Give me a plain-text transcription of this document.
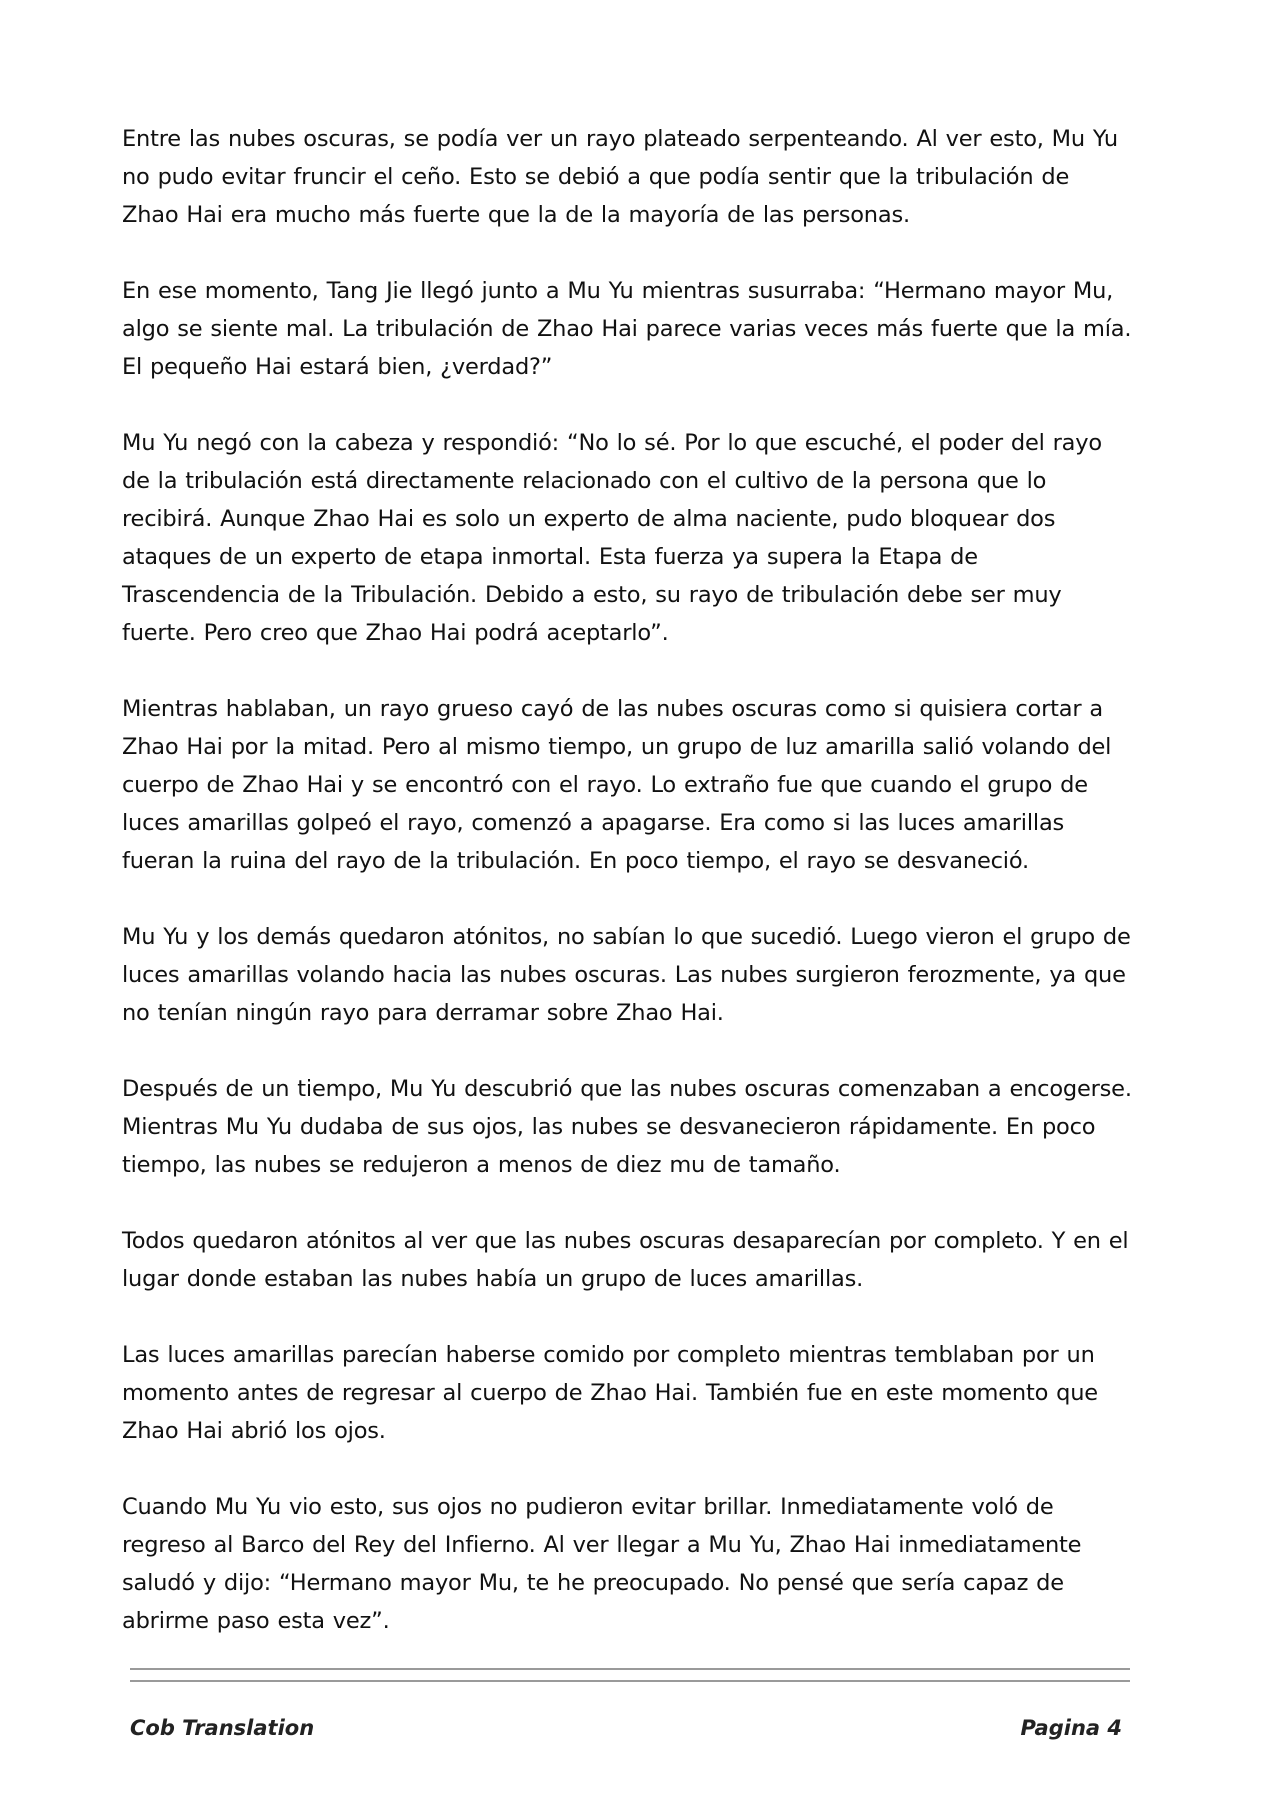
Entre las nubes oscuras, se podía ver un rayo plateado serpenteando. Al ver esto, Mu Yu no pudo evitar fruncir el ceño. Esto se debió a que podía sentir que la tribulación de Zhao Hai era mucho más fuerte que la de la mayoría de las personas.

En ese momento, Tang Jie llegó junto a Mu Yu mientras susurraba: “Hermano mayor Mu, algo se siente mal. La tribulación de Zhao Hai parece varias veces más fuerte que la mía. El pequeño Hai estará bien, ¿verdad?”

Mu Yu negó con la cabeza y respondió: “No lo sé. Por lo que escuché, el poder del rayo de la tribulación está directamente relacionado con el cultivo de la persona que lo recibirá. Aunque Zhao Hai es solo un experto de alma naciente, pudo bloquear dos ataques de un experto de etapa inmortal. Esta fuerza ya supera la Etapa de Trascendencia de la Tribulación. Debido a esto, su rayo de tribulación debe ser muy fuerte. Pero creo que Zhao Hai podrá aceptarlo”.

Mientras hablaban, un rayo grueso cayó de las nubes oscuras como si quisiera cortar a Zhao Hai por la mitad. Pero al mismo tiempo, un grupo de luz amarilla salió volando del cuerpo de Zhao Hai y se encontró con el rayo. Lo extraño fue que cuando el grupo de luces amarillas golpeó el rayo, comenzó a apagarse. Era como si las luces amarillas fueran la ruina del rayo de la tribulación. En poco tiempo, el rayo se desvaneció.

Mu Yu y los demás quedaron atónitos, no sabían lo que sucedió. Luego vieron el grupo de luces amarillas volando hacia las nubes oscuras. Las nubes surgieron ferozmente, ya que no tenían ningún rayo para derramar sobre Zhao Hai.

Después de un tiempo, Mu Yu descubrió que las nubes oscuras comenzaban a encogerse. Mientras Mu Yu dudaba de sus ojos, las nubes se desvanecieron rápidamente. En poco tiempo, las nubes se redujeron a menos de diez mu de tamaño.

Todos quedaron atónitos al ver que las nubes oscuras desaparecían por completo. Y en el lugar donde estaban las nubes había un grupo de luces amarillas.

Las luces amarillas parecían haberse comido por completo mientras temblaban por un momento antes de regresar al cuerpo de Zhao Hai. También fue en este momento que Zhao Hai abrió los ojos.

Cuando Mu Yu vio esto, sus ojos no pudieron evitar brillar. Inmediatamente voló de regreso al Barco del Rey del Infierno. Al ver llegar a Mu Yu, Zhao Hai inmediatamente saludó y dijo: “Hermano mayor Mu, te he preocupado. No pensé que sería capaz de abrirme paso esta vez”.

Cob Translation	Pagina 4
